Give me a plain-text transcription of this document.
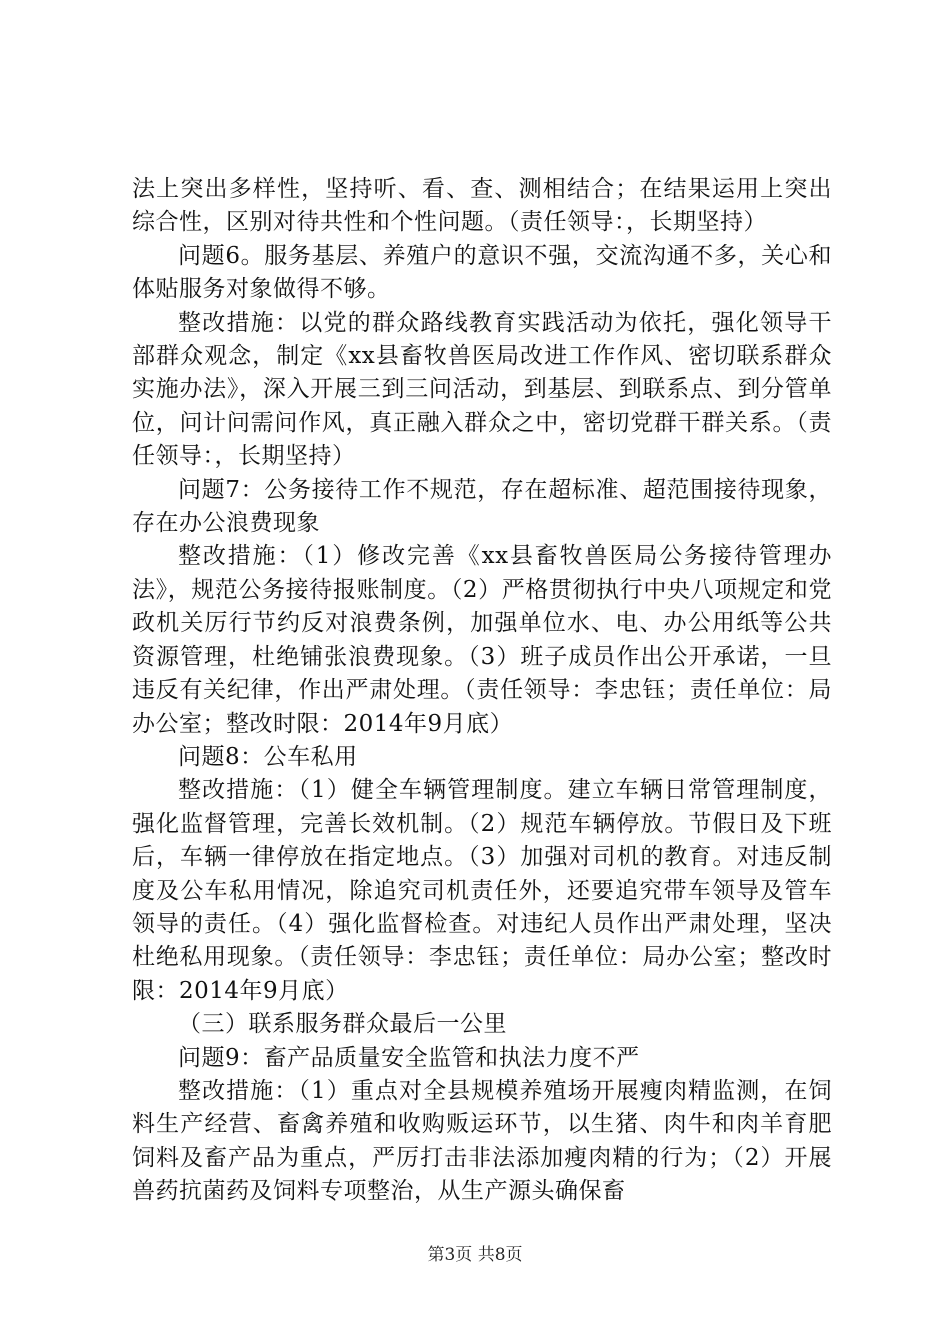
法上突出多样性，坚持听、看、查、测相结合；在结果运用上突出综合性，区别对待共性和个性问题。（责任领导：，长期坚持）

问题6。服务基层、养殖户的意识不强，交流沟通不多，关心和体贴服务对象做得不够。

整改措施：以党的群众路线教育实践活动为依托，强化领导干部群众观念，制定《xx县畜牧兽医局改进工作作风、密切联系群众实施办法》，深入开展三到三问活动，到基层、到联系点、到分管单位，问计问需问作风，真正融入群众之中，密切党群干群关系。（责任领导：，长期坚持）

问题7：公务接待工作不规范，存在超标准、超范围接待现象，存在办公浪费现象

整改措施：（1）修改完善《xx县畜牧兽医局公务接待管理办法》，规范公务接待报账制度。（2）严格贯彻执行中央八项规定和党政机关厉行节约反对浪费条例，加强单位水、电、办公用纸等公共资源管理，杜绝铺张浪费现象。（3）班子成员作出公开承诺，一旦违反有关纪律，作出严肃处理。（责任领导：李忠钰；责任单位：局办公室；整改时限：2014年9月底）

问题8：公车私用

整改措施：（1）健全车辆管理制度。建立车辆日常管理制度，强化监督管理，完善长效机制。（2）规范车辆停放。节假日及下班后，车辆一律停放在指定地点。（3）加强对司机的教育。对违反制度及公车私用情况，除追究司机责任外，还要追究带车领导及管车领导的责任。（4）强化监督检查。对违纪人员作出严肃处理，坚决杜绝私用现象。（责任领导：李忠钰；责任单位：局办公室；整改时限：2014年9月底）

（三）联系服务群众最后一公里

问题9：畜产品质量安全监管和执法力度不严

整改措施：（1）重点对全县规模养殖场开展瘦肉精监测，在饲料生产经营、畜禽养殖和收购贩运环节，以生猪、肉牛和肉羊育肥饲料及畜产品为重点，严厉打击非法添加瘦肉精的行为；（2）开展兽药抗菌药及饲料专项整治，从生产源头确保畜

第3页 共8页
